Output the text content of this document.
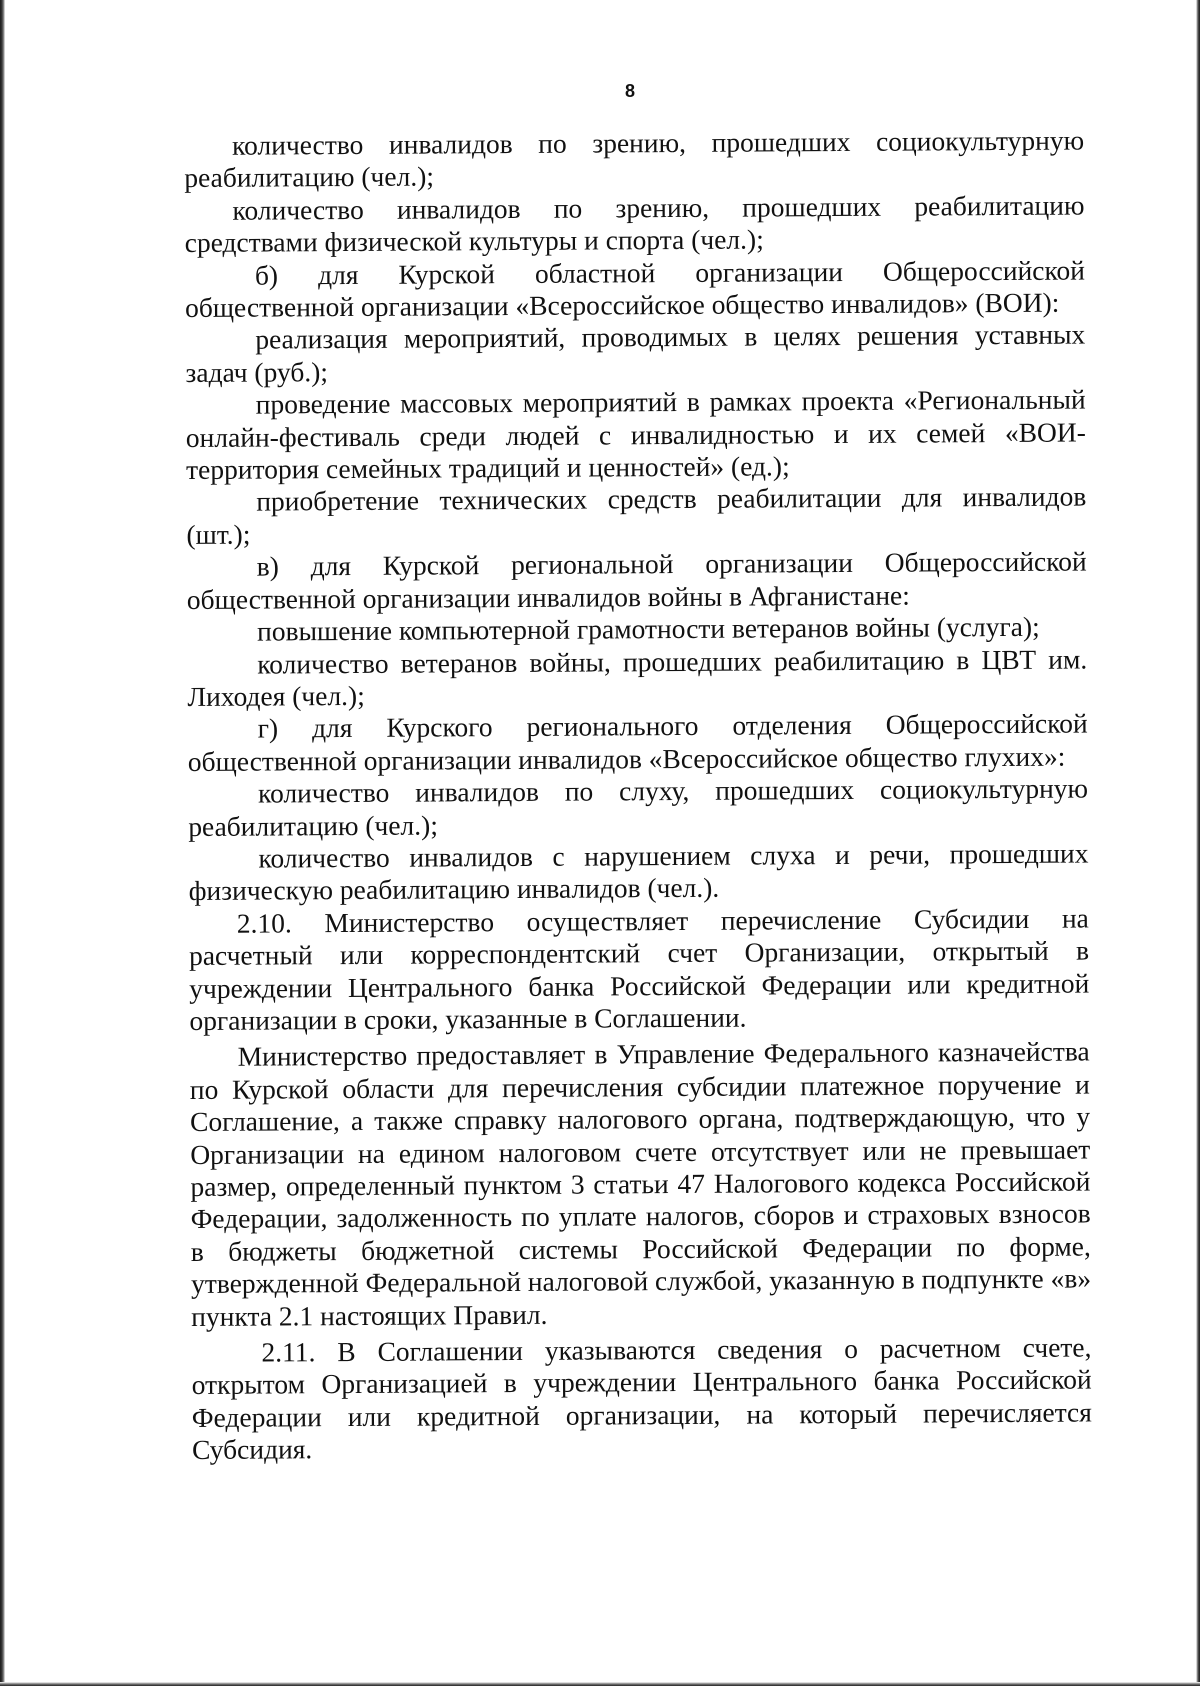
8

количество инвалидов по зрению, прошедших социокультурную реабилитацию (чел.);

количество инвалидов по зрению, прошедших реабилитацию средствами физической культуры и спорта (чел.);

б) для Курской областной организации Общероссийской общественной организации «Всероссийское общество инвалидов» (ВОИ):

реализация мероприятий, проводимых в целях решения уставных задач (руб.);

проведение массовых мероприятий в рамках проекта «Региональный онлайн-фестиваль среди людей с инвалидностью и их семей «ВОИ-территория семейных традиций и ценностей» (ед.);

приобретение технических средств реабилитации для инвалидов (шт.);

в) для Курской региональной организации Общероссийской общественной организации инвалидов войны в Афганистане:

повышение компьютерной грамотности ветеранов войны (услуга);

количество ветеранов войны, прошедших реабилитацию в ЦВТ им. Лиходея (чел.);

г) для Курского регионального отделения Общероссийской общественной организации инвалидов «Всероссийское общество глухих»:

количество инвалидов по слуху, прошедших социокультурную реабилитацию (чел.);

количество инвалидов с нарушением слуха и речи, прошедших физическую реабилитацию инвалидов (чел.).

2.10. Министерство осуществляет перечисление Субсидии на расчетный или корреспондентский счет Организации, открытый в учреждении Центрального банка Российской Федерации или кредитной организации в сроки, указанные в Соглашении.

Министерство предоставляет в Управление Федерального казначейства по Курской области для перечисления субсидии платежное поручение и Соглашение, а также справку налогового органа, подтверждающую, что у Организации на едином налоговом счете отсутствует или не превышает размер, определенный пунктом 3 статьи 47 Налогового кодекса Российской Федерации, задолженность по уплате налогов, сборов и страховых взносов в бюджеты бюджетной системы Российской Федерации по форме, утвержденной Федеральной налоговой службой, указанную в подпункте «в» пункта 2.1 настоящих Правил.

2.11. В Соглашении указываются сведения о расчетном счете, открытом Организацией в учреждении Центрального банка Российской Федерации или кредитной организации, на который перечисляется Субсидия.
